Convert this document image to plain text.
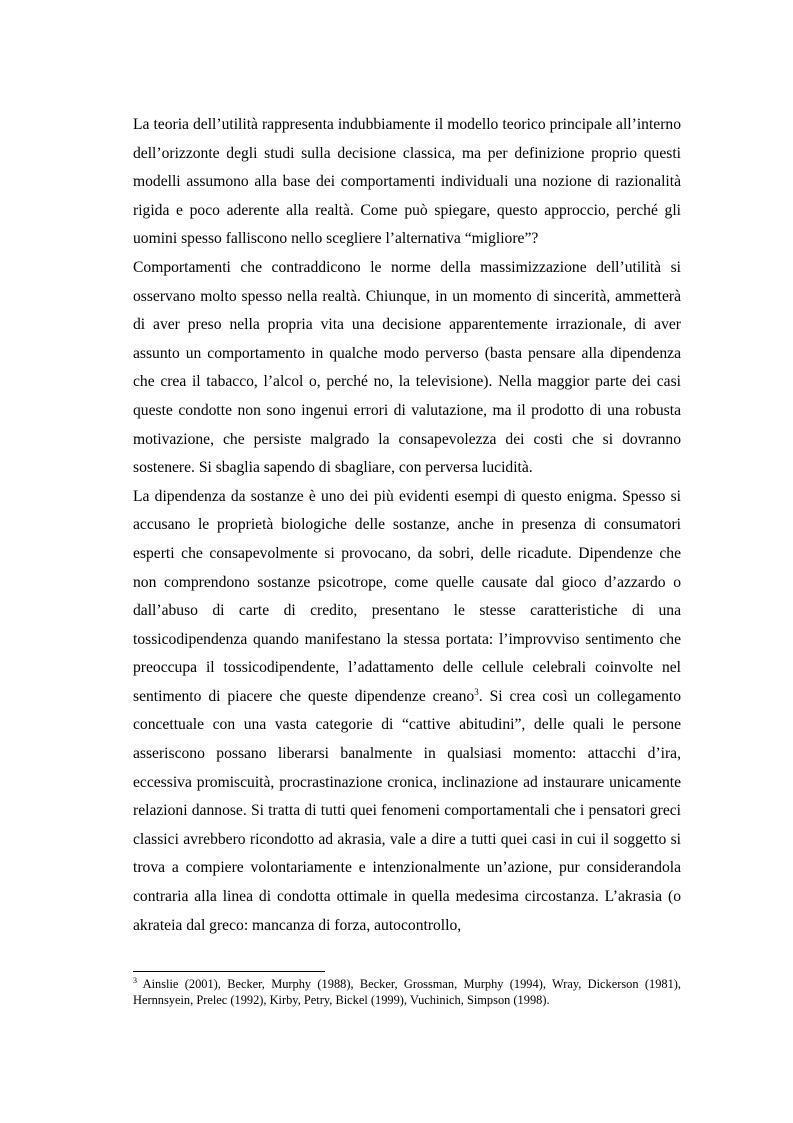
La teoria dell’utilità rappresenta indubbiamente il modello teorico principale all’interno dell’orizzonte degli studi sulla decisione classica, ma per definizione proprio questi modelli assumono alla base dei comportamenti individuali una nozione di razionalità rigida e poco aderente alla realtà. Come può spiegare, questo approccio, perché gli uomini spesso falliscono nello scegliere l’alternativa “migliore”?

Comportamenti che contraddicono le norme della massimizzazione dell’utilità si osservano molto spesso nella realtà. Chiunque, in un momento di sincerità, ammetterà di aver preso nella propria vita una decisione apparentemente irrazionale, di aver assunto un comportamento in qualche modo perverso (basta pensare alla dipendenza che crea il tabacco, l’alcol o, perché no, la televisione). Nella maggior parte dei casi queste condotte non sono ingenui errori di valutazione, ma il prodotto di una robusta motivazione, che persiste malgrado la consapevolezza dei costi che si dovranno sostenere. Si sbaglia sapendo di sbagliare, con perversa lucidità.

La dipendenza da sostanze è uno dei più evidenti esempi di questo enigma. Spesso si accusano le proprietà biologiche delle sostanze, anche in presenza di consumatori esperti che consapevolmente si provocano, da sobri, delle ricadute. Dipendenze che non comprendono sostanze psicotrope, come quelle causate dal gioco d’azzardo o dall’abuso di carte di credito, presentano le stesse caratteristiche di una tossicodipendenza quando manifestano la stessa portata: l’improvviso sentimento che preoccupa il tossicodipendente, l’adattamento delle cellule celebrali coinvolte nel sentimento di piacere che queste dipendenze creano$^3$. Si crea così un collegamento concettuale con una vasta categorie di “cattive abitudini”, delle quali le persone asseriscono possano liberarsi banalmente in qualsiasi momento: attacchi d’ira, eccessiva promiscuità, procrastinazione cronica, inclinazione ad instaurare unicamente relazioni dannose. Si tratta di tutti quei fenomeni comportamentali che i pensatori greci classici avrebbero ricondotto ad akrasia, vale a dire a tutti quei casi in cui il soggetto si trova a compiere volontariamente e intenzionalmente un’azione, pur considerandola contraria alla linea di condotta ottimale in quella medesima circostanza. L’akrasia (o akrateia dal greco: mancanza di forza, autocontrollo,

$^3$ Ainslie (2001), Becker, Murphy (1988), Becker, Grossman, Murphy (1994), Wray, Dickerson (1981), Hernnsyein, Prelec (1992), Kirby, Petry, Bickel (1999), Vuchinich, Simpson (1998).
